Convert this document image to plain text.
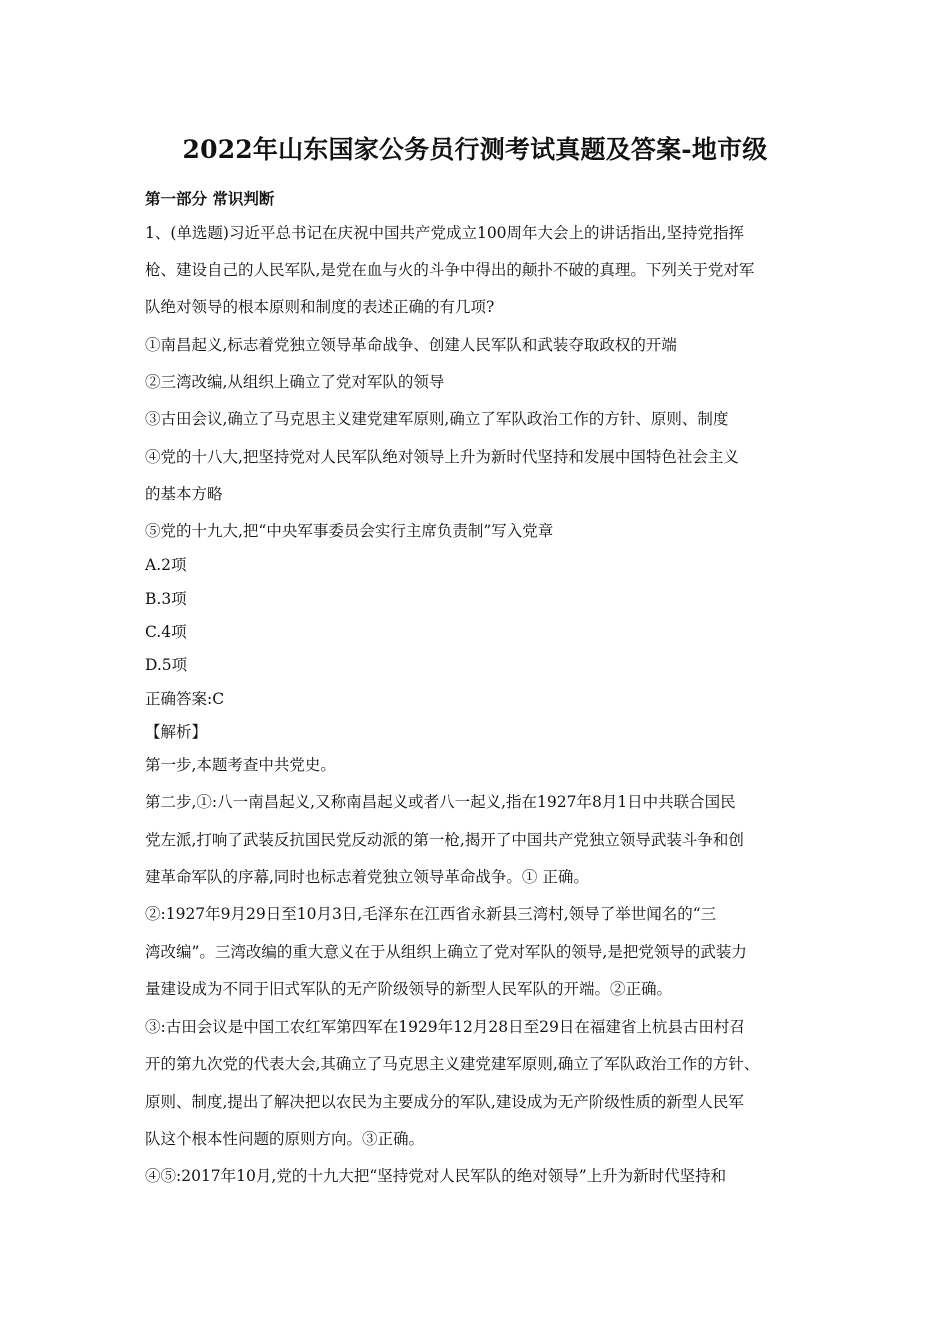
2022年山东国家公务员行测考试真题及答案-地市级
第一部分 常识判断
1、(单选题)习近平总书记在庆祝中国共产党成立100周年大会上的讲话指出,坚持党指挥
枪、建设自己的人民军队,是党在血与火的斗争中得出的颠扑不破的真理。下列关于党对军
队绝对领导的根本原则和制度的表述正确的有几项?
①南昌起义,标志着党独立领导革命战争、创建人民军队和武装夺取政权的开端
②三湾改编,从组织上确立了党对军队的领导
③古田会议,确立了马克思主义建党建军原则,确立了军队政治工作的方针、原则、制度
④党的十八大,把坚持党对人民军队绝对领导上升为新时代坚持和发展中国特色社会主义
的基本方略
⑤党的十九大,把“中央军事委员会实行主席负责制”写入党章
A.2项
B.3项
C.4项
D.5项
正确答案:C
【解析】
第一步,本题考查中共党史。
第二步,①:八一南昌起义,又称南昌起义或者八一起义,指在1927年8月1日中共联合国民
党左派,打响了武装反抗国民党反动派的第一枪,揭开了中国共产党独立领导武装斗争和创
建革命军队的序幕,同时也标志着党独立领导革命战争。① 正确。
②:1927年9月29日至10月3日,毛泽东在江西省永新县三湾村,领导了举世闻名的“三
湾改编”。三湾改编的重大意义在于从组织上确立了党对军队的领导,是把党领导的武装力
量建设成为不同于旧式军队的无产阶级领导的新型人民军队的开端。②正确。
③:古田会议是中国工农红军第四军在1929年12月28日至29日在福建省上杭县古田村召
开的第九次党的代表大会,其确立了马克思主义建党建军原则,确立了军队政治工作的方针、
原则、制度,提出了解决把以农民为主要成分的军队,建设成为无产阶级性质的新型人民军
队这个根本性问题的原则方向。③正确。
④⑤:2017年10月,党的十九大把“坚持党对人民军队的绝对领导”上升为新时代坚持和
